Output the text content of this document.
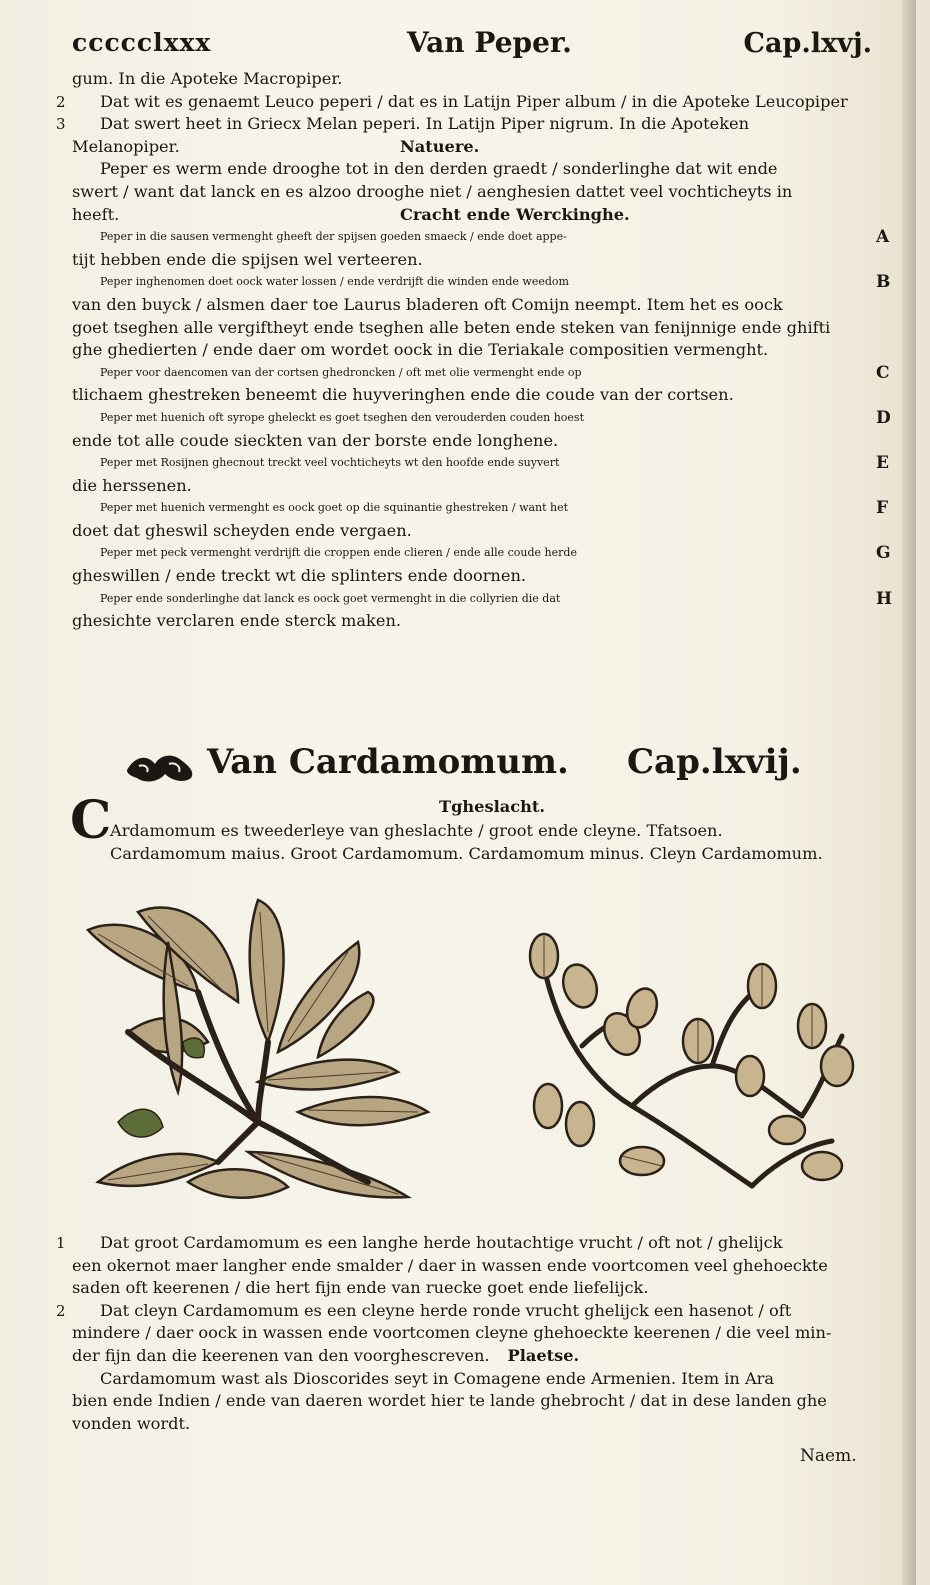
ccccclxxx	Van Peper.	Cap.lxvj.
gum. In die Apoteke Macropiper.
2 Dat wit es genaemt Leuco peperi / dat es in Latijn Piper album / in die Apoteke Leucopiper
3 Dat swert heet in Griecx Melan peperi. In Latijn Piper nigrum. In die Apoteken
Melanopiper.	Natuere.
Peper es werm ende drooghe tot in den derden graedt / sonderlinghe dat wit ende
swert / want dat lanck en es alzoo drooghe niet / aenghesien dattet veel vochticheyts in
heeft.	Cracht ende Werckinghe.
Peper in die sausen vermenght gheeft der spijsen goeden smaeck / ende doet appe-	A
tijt hebben ende die spijsen wel verteeren.
Peper inghenomen doet oock water lossen / ende verdrijft die winden ende weedom	B
van den buyck / alsmen daer toe Laurus bladeren oft Comijn neempt. Item het es oock
goet tseghen alle vergiftheyt ende tseghen alle beten ende steken van fenijnnige ende ghifti
ghe ghedierten / ende daer om wordet oock in die Teriakale compositien vermenght.
Peper voor daencomen van der cortsen ghedroncken / oft met olie vermenght ende op	C
tlichaem ghestreken beneemt die huyveringhen ende die coude van der cortsen.
Peper met huenich oft syrope gheleckt es goet tseghen den verouderden couden hoest	D
ende tot alle coude sieckten van der borste ende longhene.
Peper met Rosijnen ghecnout treckt veel vochticheyts wt den hoofde ende suyvert	E
die herssenen.
Peper met huenich vermenght es oock goet op die squinantie ghestreken / want het	F
doet dat gheswil scheyden ende vergaen.
Peper met peck vermenght verdrijft die croppen ende clieren / ende alle coude herde	G
gheswillen / ende treckt wt die splinters ende doornen.
Peper ende sonderlinghe dat lanck es oock goet vermenght in die collyrien die dat	H
ghesichte verclaren ende sterck maken.
Van Cardamomum. Cap.lxvij.
Tgheslacht.
C
Ardamomum es tweederleye van gheslachte / groot ende cleyne. Tfatsoen.
Cardamomum maius. Groot Cardamomum. Cardamomum minus. Cleyn Cardamomum.
1 Dat groot Cardamomum es een langhe herde houtachtige vrucht / oft not / ghelijck
een okernot maer langher ende smalder / daer in wassen ende voortcomen veel ghehoeckte
saden oft keerenen / die hert fijn ende van ruecke goet ende liefelijck.
2 Dat cleyn Cardamomum es een cleyne herde ronde vrucht ghelijck een hasenot / oft
mindere / daer oock in wassen ende voortcomen cleyne ghehoeckte keerenen / die veel min-
der fijn dan die keerenen van den voorghescreven. Plaetse.
Cardamomum wast als Dioscorides seyt in Comagene ende Armenien. Item in Ara
bien ende Indien / ende van daeren wordet hier te lande ghebrocht / dat in dese landen ghe
vonden wordt.
Naem.
